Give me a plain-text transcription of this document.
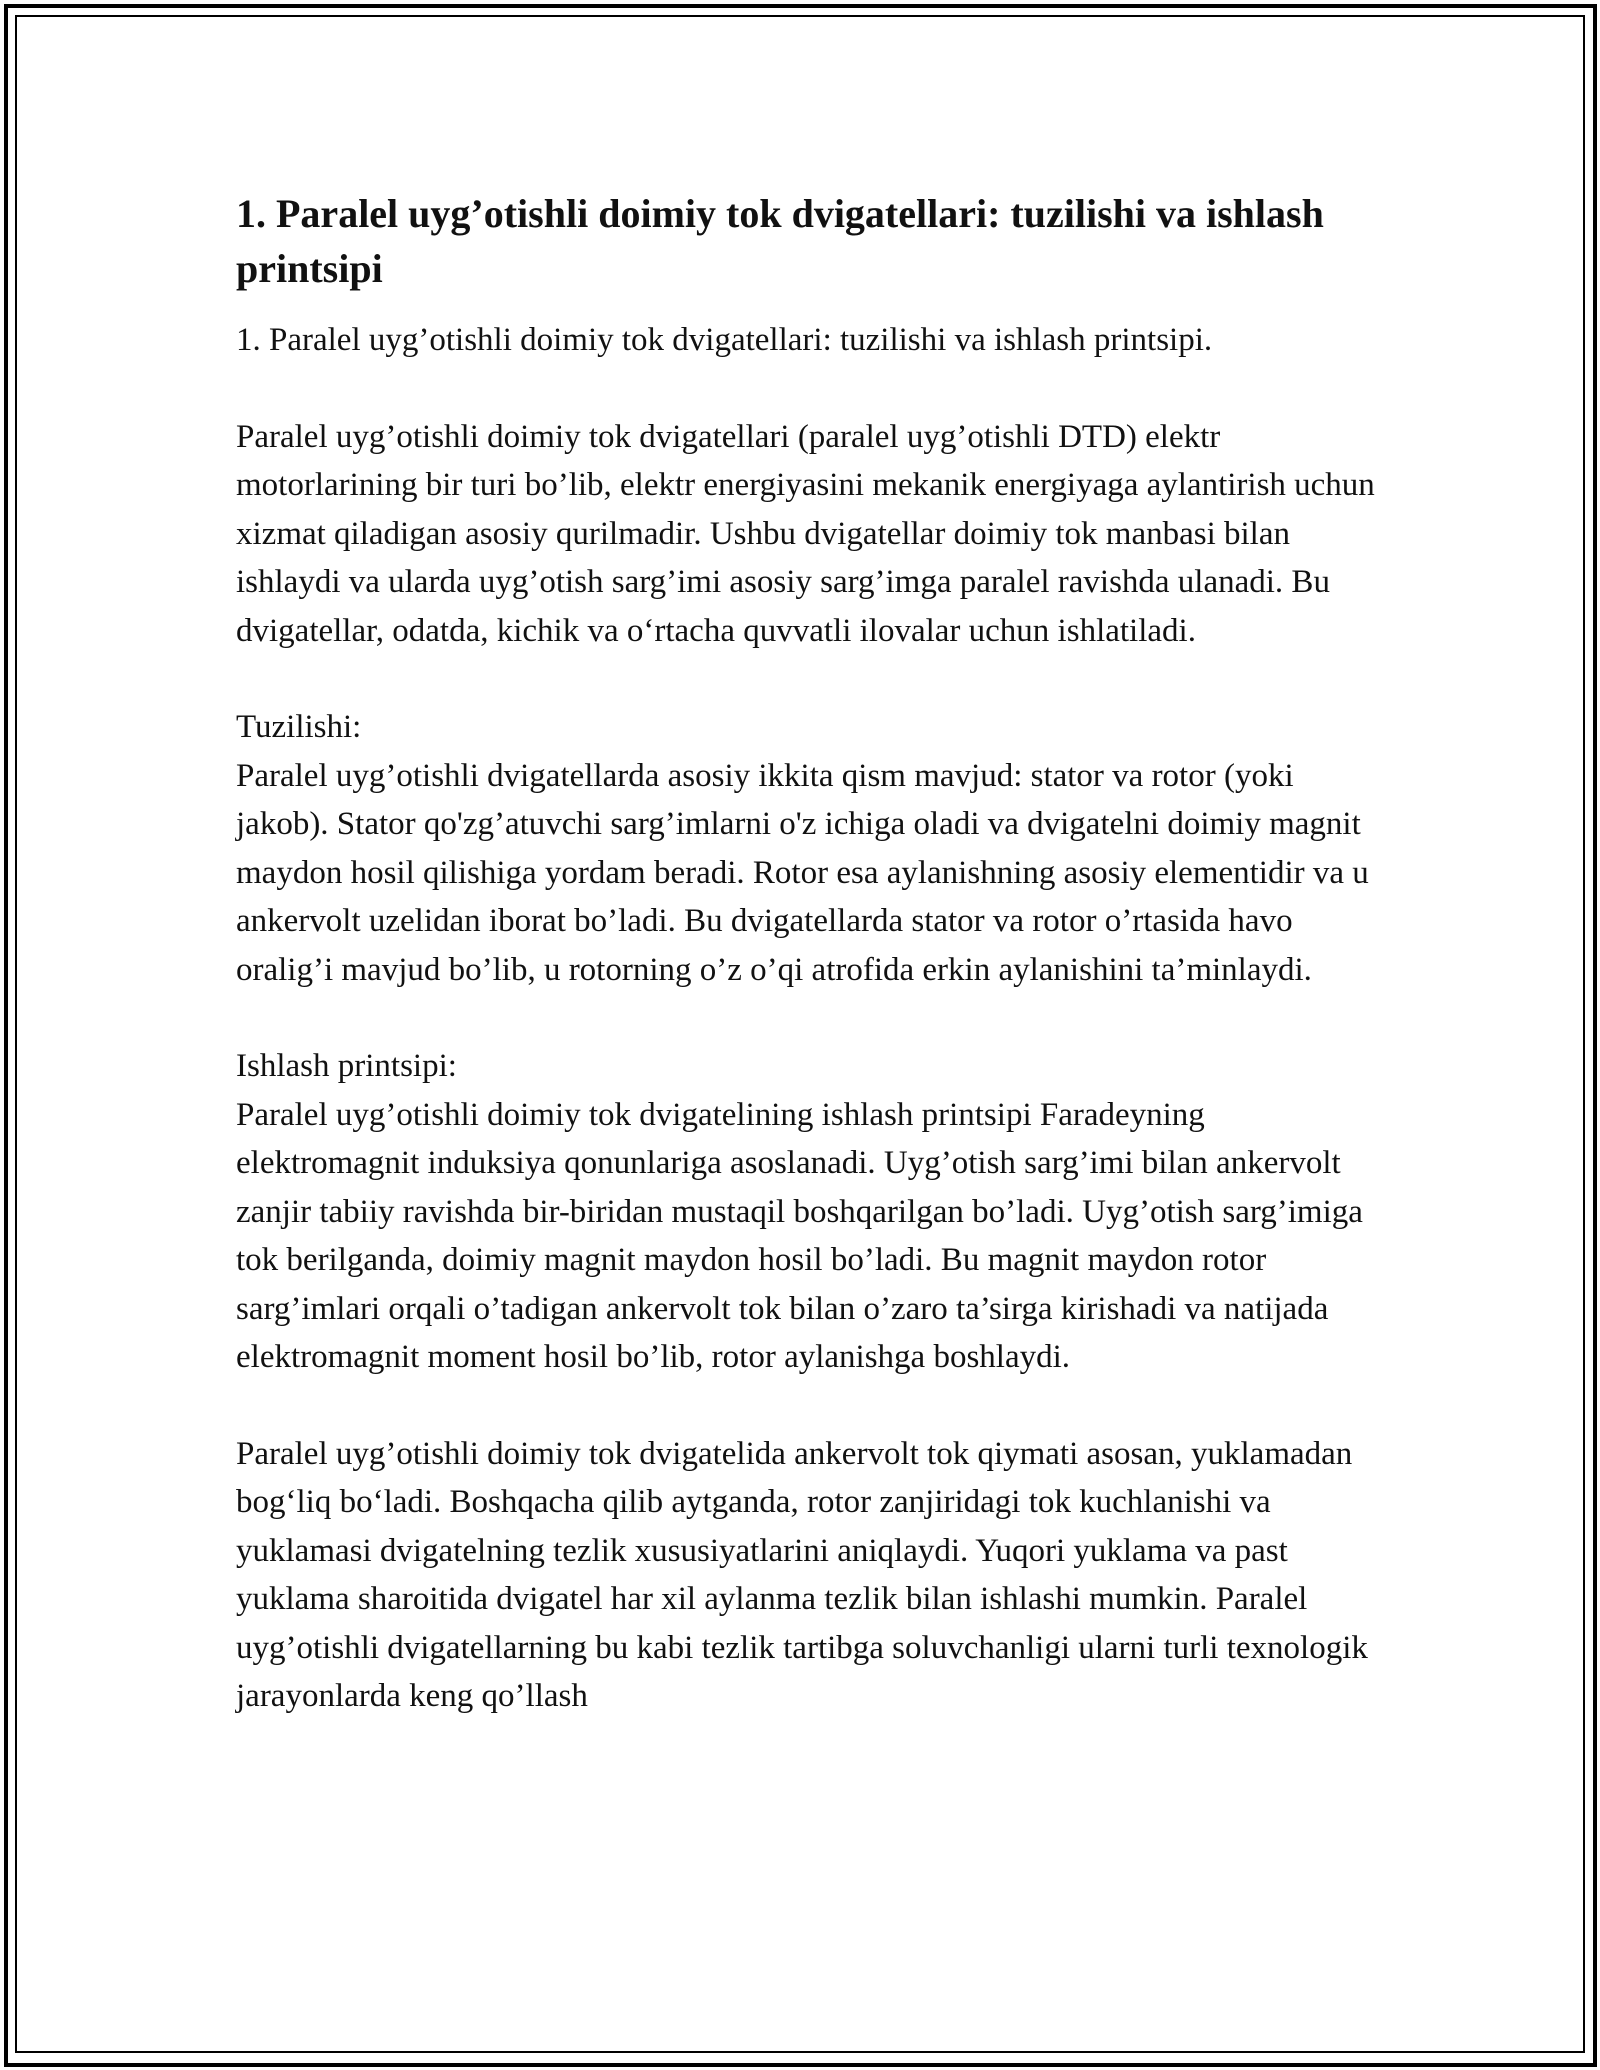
1. Paralel uyg’otishli doimiy tok dvigatellari: tuzilishi va ishlash printsipi

1. Paralel uyg’otishli doimiy tok dvigatellari: tuzilishi va ishlash printsipi.

Paralel uyg’otishli doimiy tok dvigatellari (paralel uyg’otishli DTD) elektr motorlarining bir turi bo’lib, elektr energiyasini mekanik energiyaga aylantirish uchun xizmat qiladigan asosiy qurilmadir. Ushbu dvigatellar doimiy tok manbasi bilan ishlaydi va ularda uyg’otish sarg’imi asosiy sarg’imga paralel ravishda ulanadi. Bu dvigatellar, odatda, kichik va o‘rtacha quvvatli ilovalar uchun ishlatiladi.

Tuzilishi:
Paralel uyg’otishli dvigatellarda asosiy ikkita qism mavjud: stator va rotor (yoki jakob). Stator qo'zg’atuvchi sarg’imlarni o'z ichiga oladi va dvigatelni doimiy magnit maydon hosil qilishiga yordam beradi. Rotor esa aylanishning asosiy elementidir va u ankervolt uzelidan iborat bo’ladi. Bu dvigatellarda stator va rotor o’rtasida havo oralig’i mavjud bo’lib, u rotorning o’z o’qi atrofida erkin aylanishini ta’minlaydi.

Ishlash printsipi:
Paralel uyg’otishli doimiy tok dvigatelining ishlash printsipi Faradeyning elektromagnit induksiya qonunlariga asoslanadi. Uyg’otish sarg’imi bilan ankervolt zanjir tabiiy ravishda bir-biridan mustaqil boshqarilgan bo’ladi. Uyg’otish sarg’imiga tok berilganda, doimiy magnit maydon hosil bo’ladi. Bu magnit maydon rotor sarg’imlari orqali o’tadigan ankervolt tok bilan o’zaro ta’sirga kirishadi va natijada elektromagnit moment hosil bo’lib, rotor aylanishga boshlaydi.

Paralel uyg’otishli doimiy tok dvigatelida ankervolt tok qiymati asosan, yuklamadan bog‘liq bo‘ladi. Boshqacha qilib aytganda, rotor zanjiridagi tok kuchlanishi va yuklamasi dvigatelning tezlik xususiyatlarini aniqlaydi. Yuqori yuklama va past yuklama sharoitida dvigatel har xil aylanma tezlik bilan ishlashi mumkin. Paralel uyg’otishli dvigatellarning bu kabi tezlik tartibga soluvchanligi ularni turli texnologik jarayonlarda keng qo’llash
